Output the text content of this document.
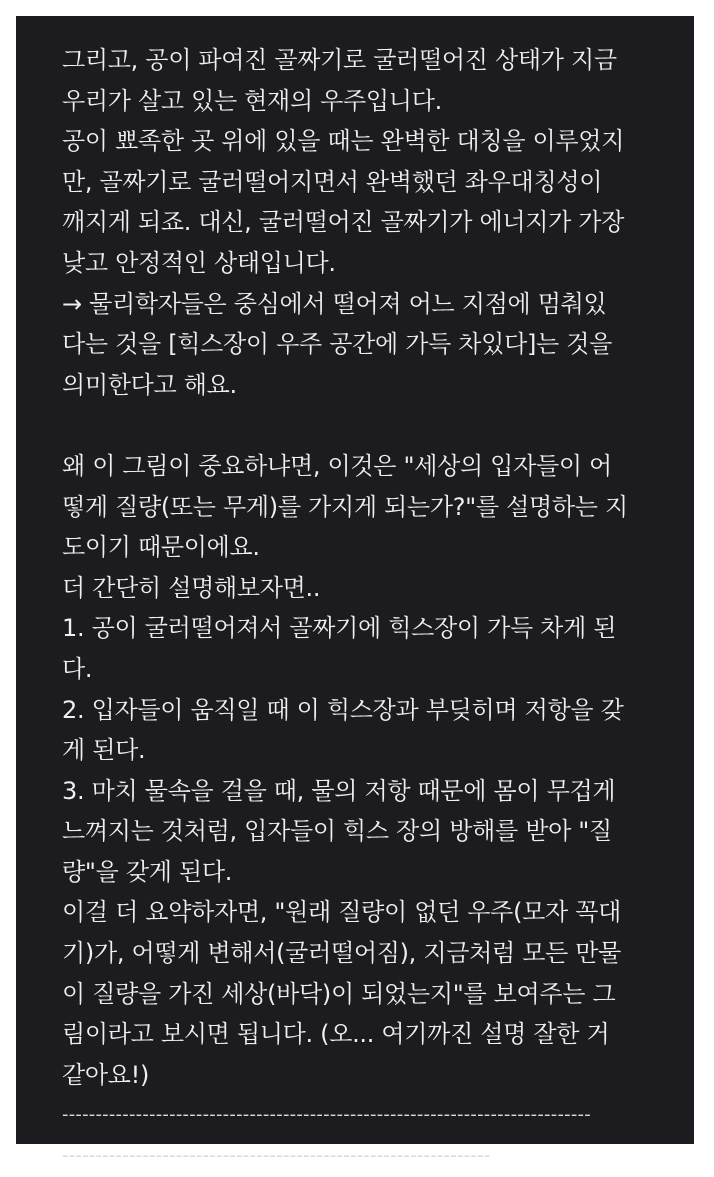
그리고, 공이 파여진 골짜기로 굴러떨어진 상태가 지금
우리가 살고 있는 현재의 우주입니다.
공이 뾰족한 곳 위에 있을 때는 완벽한 대칭을 이루었지
만, 골짜기로 굴러떨어지면서 완벽했던 좌우대칭성이
깨지게 되죠. 대신, 굴러떨어진 골짜기가 에너지가 가장
낮고 안정적인 상태입니다.
→ 물리학자들은 중심에서 떨어져 어느 지점에 멈춰있
다는 것을 [힉스장이 우주 공간에 가득 차있다]는 것을
의미한다고 해요.
왜 이 그림이 중요하냐면, 이것은 "세상의 입자들이 어
떻게 질량(또는 무게)를 가지게 되는가?"를 설명하는 지
도이기 때문이에요.
더 간단히 설명해보자면..
1. 공이 굴러떨어져서 골짜기에 힉스장이 가득 차게 된
다.
2. 입자들이 움직일 때 이 힉스장과 부딪히며 저항을 갖
게 된다.
3. 마치 물속을 걸을 때, 물의 저항 때문에 몸이 무겁게
느껴지는 것처럼, 입자들이 힉스 장의 방해를 받아 "질
량"을 갖게 된다.
이걸 더 요약하자면, "원래 질량이 없던 우주(모자 꼭대
기)가, 어떻게 변해서(굴러떨어짐), 지금처럼 모든 만물
이 질량을 가진 세상(바닥)이 되었는지"를 보여주는 그
림이라고 보시면 됩니다. (오... 여기까진 설명 잘한 거
같아요!)
-------------------------------------------------------------------------------
----------------------------------------------------------------
